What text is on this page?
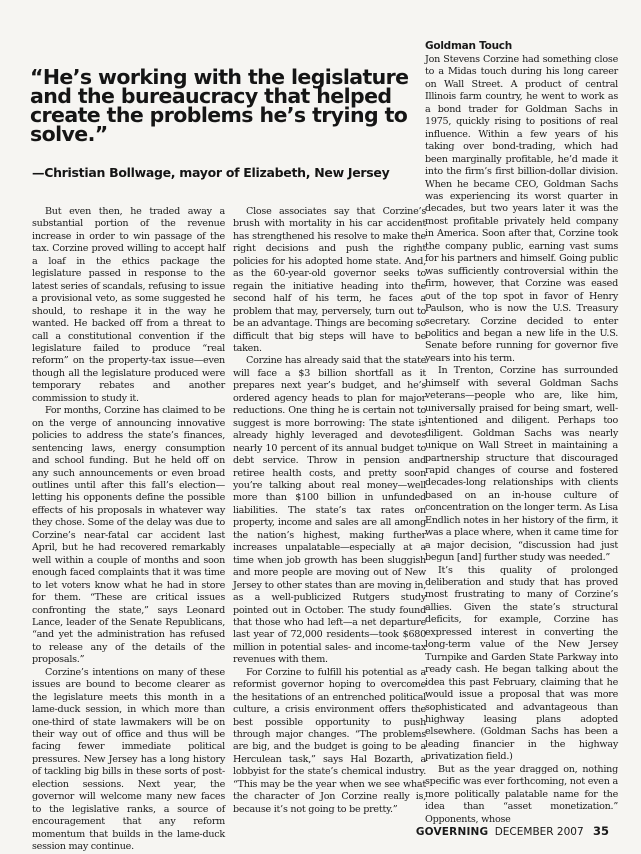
“He’s working with the legislature and the bureaucracy that helped create the problems he’s trying to solve.”
—Christian Bollwage, mayor of Elizabeth, New Jersey

But even then, he traded away a substantial portion of the revenue increase in order to win passage of the tax. Corzine proved willing to accept half a loaf in the ethics package the legislature passed in response to the latest series of scandals, refusing to issue a provisional veto, as some suggested he should, to reshape it in the way he wanted. He backed off from a threat to call a constitutional convention if the legislature failed to produce “real reform” on the property-tax issue—even though all the legislature produced were temporary rebates and another commission to study it.

For months, Corzine has claimed to be on the verge of announcing innovative policies to address the state’s finances, sentencing laws, energy consumption and school funding. But he held off on any such announcements or even broad outlines until after this fall’s election—letting his opponents define the possible effects of his proposals in whatever way they chose. Some of the delay was due to Corzine’s near-fatal car accident last April, but he had recovered remarkably well within a couple of months and soon enough faced complaints that it was time to let voters know what he had in store for them. “These are critical issues confronting the state,” says Leonard Lance, leader of the Senate Republicans, “and yet the administration has refused to release any of the details of the proposals.”

Corzine’s intentions on many of these issues are bound to become clearer as the legislature meets this month in a lame-duck session, in which more than one-third of state lawmakers will be on their way out of office and thus will be facing fewer immediate political pressures. New Jersey has a long history of tackling big bills in these sorts of post-election sessions. Next year, the governor will welcome many new faces to the legislative ranks, a source of encouragement that any reform momentum that builds in the lame-duck session may continue.

Close associates say that Corzine’s brush with mortality in his car accident has strengthened his resolve to make the right decisions and push the right policies for his adopted home state. And, as the 60-year-old governor seeks to regain the initiative heading into the second half of his term, he faces a problem that may, perversely, turn out to be an advantage. Things are becoming so difficult that big steps will have to be taken.

Corzine has already said that the state will face a $3 billion shortfall as it prepares next year’s budget, and he’s ordered agency heads to plan for major reductions. One thing he is certain not to suggest is more borrowing: The state is already highly leveraged and devotes nearly 10 percent of its annual budget to debt service. Throw in pension and retiree health costs, and pretty soon you’re talking about real money—well more than $100 billion in unfunded liabilities. The state’s tax rates on property, income and sales are all among the nation’s highest, making further increases unpalatable—especially at a time when job growth has been sluggish and more people are moving out of New Jersey to other states than are moving in, as a well-publicized Rutgers study pointed out in October. The study found that those who had left—a net departure last year of 72,000 residents—took $680 million in potential sales- and income-tax revenues with them.

For Corzine to fulfill his potential as a reformist governor hoping to overcome the hesitations of an entrenched political culture, a crisis environment offers the best possible opportunity to push through major changes. “The problems are big, and the budget is going to be a Herculean task,” says Hal Bozarth, a lobbyist for the state’s chemical industry. “This may be the year when we see what the character of Jon Corzine really is, because it’s not going to be pretty.”

Goldman Touch

Jon Stevens Corzine had something close to a Midas touch during his long career on Wall Street. A product of central Illinois farm country, he went to work as a bond trader for Goldman Sachs in 1975, quickly rising to positions of real influence. Within a few years of his taking over bond-trading, which had been marginally profitable, he’d made it into the firm’s first billion-dollar division. When he became CEO, Goldman Sachs was experiencing its worst quarter in decades, but two years later it was the most profitable privately held company in America. Soon after that, Corzine took the company public, earning vast sums for his partners and himself. Going public was sufficiently controversial within the firm, however, that Corzine was eased out of the top spot in favor of Henry Paulson, who is now the U.S. Treasury secretary. Corzine decided to enter politics and began a new life in the U.S. Senate before running for governor five years into his term.

In Trenton, Corzine has surrounded himself with several Goldman Sachs veterans—people who are, like him, universally praised for being smart, well-intentioned and diligent. Perhaps too diligent. Goldman Sachs was nearly unique on Wall Street in maintaining a partnership structure that discouraged rapid changes of course and fostered decades-long relationships with clients based on an in-house culture of concentration on the longer term. As Lisa Endlich notes in her history of the firm, it was a place where, when it came time for a major decision, “discussion had just begun [and] further study was needed.”

It’s this quality of prolonged deliberation and study that has proved most frustrating to many of Corzine’s allies. Given the state’s structural deficits, for example, Corzine has expressed interest in converting the long-term value of the New Jersey Turnpike and Garden State Parkway into ready cash. He began talking about the idea this past February, claiming that he would issue a proposal that was more sophisticated and advantageous than highway leasing plans adopted elsewhere. (Goldman Sachs has been a leading financier in the highway privatization field.)

But as the year dragged on, nothing specific was ever forthcoming, not even a more politically palatable name for the idea than “asset monetization.” Opponents, whose

GOVERNING DECEMBER 2007 35
